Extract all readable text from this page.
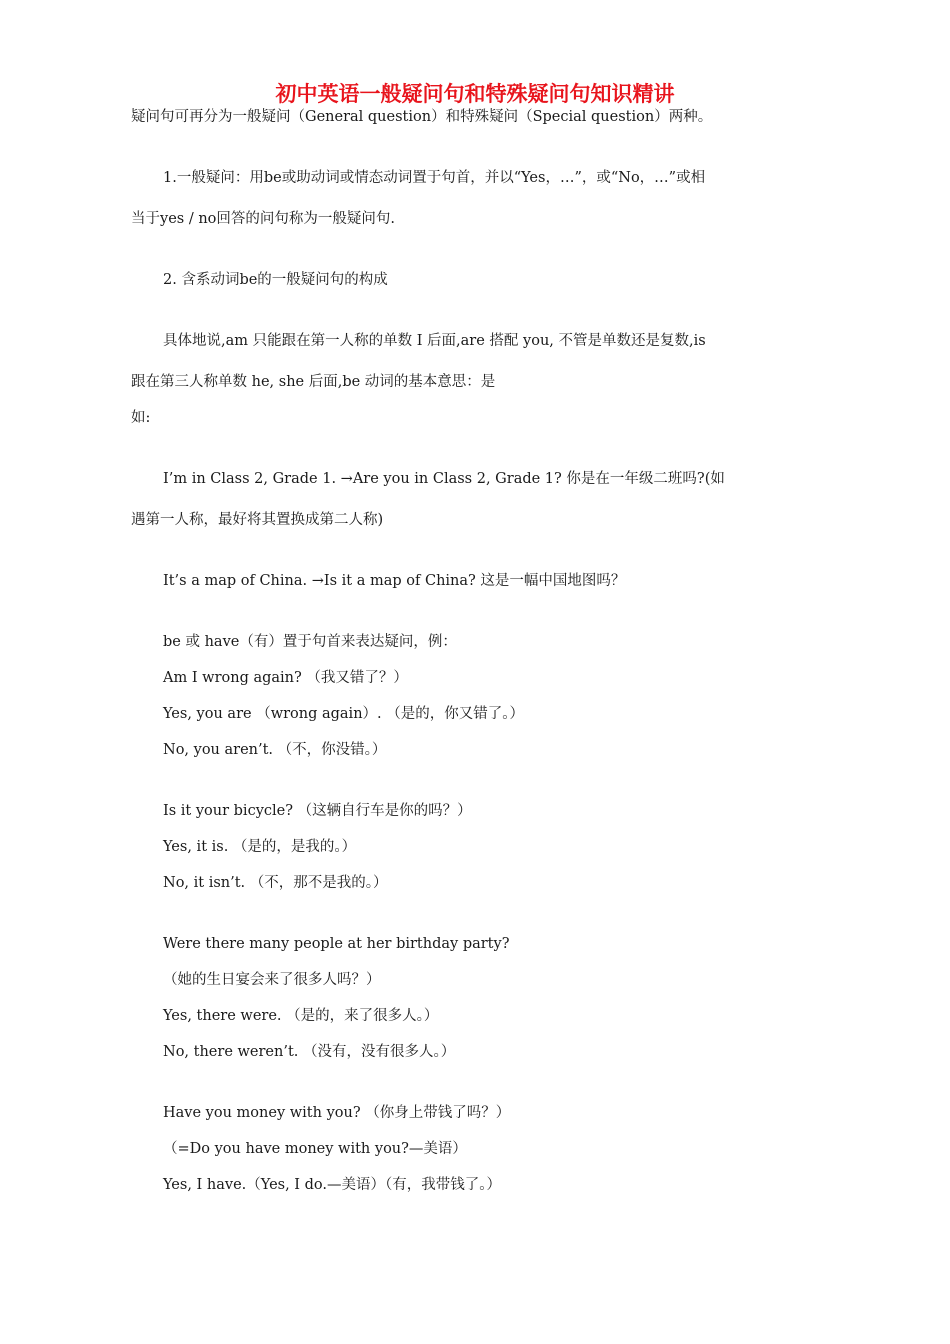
初中英语一般疑问句和特殊疑问句知识精讲
疑问句可再分为一般疑问（General question）和特殊疑问（Special question）两种。
1.一般疑问：用be或助动词或情态动词置于句首，并以“Yes，…”，或“No，…”或相
当于yes / no回答的问句称为一般疑问句.
2. 含系动词be的一般疑问句的构成
具体地说,am 只能跟在第一人称的单数 I 后面,are 搭配 you, 不管是单数还是复数,is
跟在第三人称单数 he, she 后面,be 动词的基本意思：是
如:
I’m in Class 2, Grade 1. →Are you in Class 2, Grade 1? 你是在一年级二班吗?(如
遇第一人称，最好将其置换成第二人称)
It’s a map of China. →Is it a map of China? 这是一幅中国地图吗？
be 或 have（有）置于句首来表达疑问，例：
Am I wrong again? （我又错了？）
Yes, you are （wrong again）. （是的，你又错了。）
No, you aren’t. （不，你没错。）
Is it your bicycle? （这辆自行车是你的吗？）
Yes, it is. （是的，是我的。）
No, it isn’t. （不，那不是我的。）
Were there many people at her birthday party?
（她的生日宴会来了很多人吗？）
Yes, there were. （是的，来了很多人。）
No, there weren’t. （没有，没有很多人。）
Have you money with you? （你身上带钱了吗？）
（=Do you have money with you?—美语）
Yes, I have.（Yes, I do.—美语）（有，我带钱了。）
